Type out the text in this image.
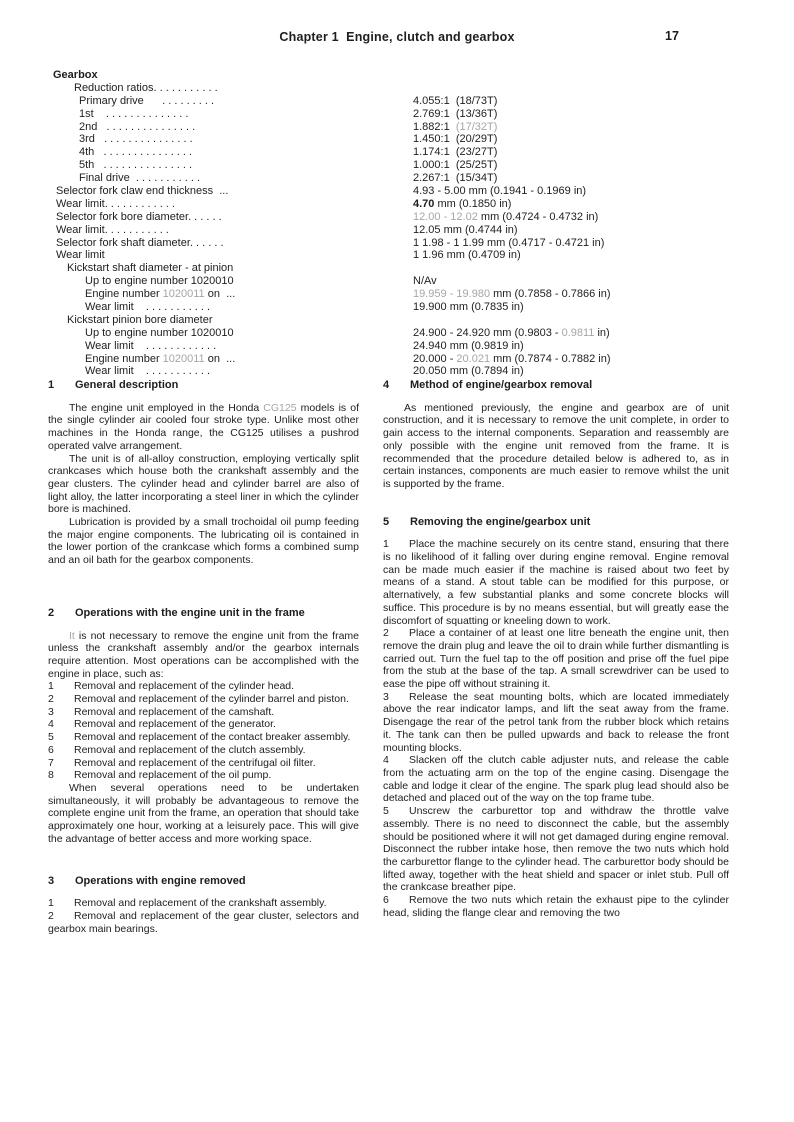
Chapter 1  Engine, clutch and gearbox	17
Gearbox
Reduction ratios. . . . . . . . . . .
Primary drive      . . . . . . . . .	4.055:1  (18/73T)
1st    . . . . . . . . . . . . . .	2.769:1  (13/36T)
2nd   . . . . . . . . . . . . . . .	1.882:1  (17/32T)
3rd   . . . . . . . . . . . . . . .	1.450:1  (20/29T)
4th   . . . . . . . . . . . . . . .	1.174:1  (23/27T)
5th   . . . . . . . . . . . . . . .	1.000:1  (25/25T)
Final drive  . . . . . . . . . . .	2.267:1  (15/34T)
Selector fork claw end thickness  ...	4.93 - 5.00 mm (0.1941 - 0.1969 in)
Wear limit. . . . . . . . . . . .	4.70 mm (0.1850 in)
Selector fork bore diameter. . . . . .	12.00 - 12.02 mm (0.4724 - 0.4732 in)
Wear limit. . . . . . . . . . .	12.05 mm (0.4744 in)
Selector fork shaft diameter. . . . . .	1 1.98 - 1 1.99 mm (0.4717 - 0.4721 in)
Wear limit	1 1.96 mm (0.4709 in)
Kickstart shaft diameter - at pinion
Up to engine number 1020010	N/Av
Engine number 1020011 on  ...	19.959 - 19.980 mm (0.7858 - 0.7866 in)
Wear limit    . . . . . . . . . . .	19.900 mm (0.7835 in)
Kickstart pinion bore diameter
Up to engine number 1020010	24.900 - 24.920 mm (0.9803 - 0.9811 in)
Wear limit    . . . . . . . . . . . .	24.940 mm (0.9819 in)
Engine number 1020011 on  ...	20.000 - 20.021 mm (0.7874 - 0.7882 in)
Wear limit    . . . . . . . . . . .	20.050 mm (0.7894 in)
1 General description

The engine unit employed in the Honda CG125 models is of the single cylinder air cooled four stroke type. Unlike most other machines in the Honda range, the CG125 utilises a pushrod operated valve arrangement.

The unit is of all-alloy construction, employing vertically split crankcases which house both the crankshaft assembly and the gear clusters. The cylinder head and cylinder barrel are also of light alloy, the latter incorporating a steel liner in which the cylinder bore is machined.

Lubrication is provided by a small trochoidal oil pump feeding the major engine components. The lubricating oil is contained in the lower portion of the crankcase which forms a combined sump and an oil bath for the gearbox components.

2 Operations with the engine unit in the frame

It is not necessary to remove the engine unit from the frame unless the crankshaft assembly and/or the gearbox internals require attention. Most operations can be accomplished with the engine in place, such as:

1 Removal and replacement of the cylinder head.

2 Removal and replacement of the cylinder barrel and piston.

3 Removal and replacement of the camshaft.

4 Removal and replacement of the generator.

5 Removal and replacement of the contact breaker assembly.

6 Removal and replacement of the clutch assembly.

7 Removal and replacement of the centrifugal oil filter.

8 Removal and replacement of the oil pump.

When several operations need to be undertaken simultaneously, it will probably be advantageous to remove the complete engine unit from the frame, an operation that should take approximately one hour, working at a leisurely pace. This will give the advantage of better access and more working space.

3 Operations with engine removed

1 Removal and replacement of the crankshaft assembly.

2 Removal and replacement of the gear cluster, selectors and gearbox main bearings.

4 Method of engine/gearbox removal

As mentioned previously, the engine and gearbox are of unit construction, and it is necessary to remove the unit complete, in order to gain access to the internal components. Separation and reassembly are only possible with the engine unit removed from the frame. It is recommended that the procedure detailed below is adhered to, as in certain instances, components are much easier to remove whilst the unit is supported by the frame.

5 Removing the engine/gearbox unit

1 Place the machine securely on its centre stand, ensuring that there is no likelihood of it falling over during engine removal. Engine removal can be made much easier if the machine is raised about two feet by means of a stand. A stout table can be modified for this purpose, or alternatively, a few substantial planks and some concrete blocks will suffice. This procedure is by no means essential, but will greatly ease the discomfort of squatting or kneeling down to work.

2 Place a container of at least one litre beneath the engine unit, then remove the drain plug and leave the oil to drain while further dismantling is carried out. Turn the fuel tap to the off position and prise off the fuel pipe from the stub at the base of the tap. A small screwdriver can be used to ease the pipe off without straining it.

3 Release the seat mounting bolts, which are located immediately above the rear indicator lamps, and lift the seat away from the frame. Disengage the rear of the petrol tank from the rubber block which retains it. The tank can then be pulled upwards and back to release the front mounting blocks.

4 Slacken off the clutch cable adjuster nuts, and release the cable from the actuating arm on the top of the engine casing. Disengage the cable and lodge it clear of the engine. The spark plug lead should also be detached and placed out of the way on the top frame tube.

5 Unscrew the carburettor top and withdraw the throttle valve assembly. There is no need to disconnect the cable, but the assembly should be positioned where it will not get damaged during engine removal. Disconnect the rubber intake hose, then remove the two nuts which hold the carburettor flange to the cylinder head. The carburettor body should be lifted away, together with the heat shield and spacer or inlet stub. Pull off the crankcase breather pipe.

6 Remove the two nuts which retain the exhaust pipe to the cylinder head, sliding the flange clear and removing the two
